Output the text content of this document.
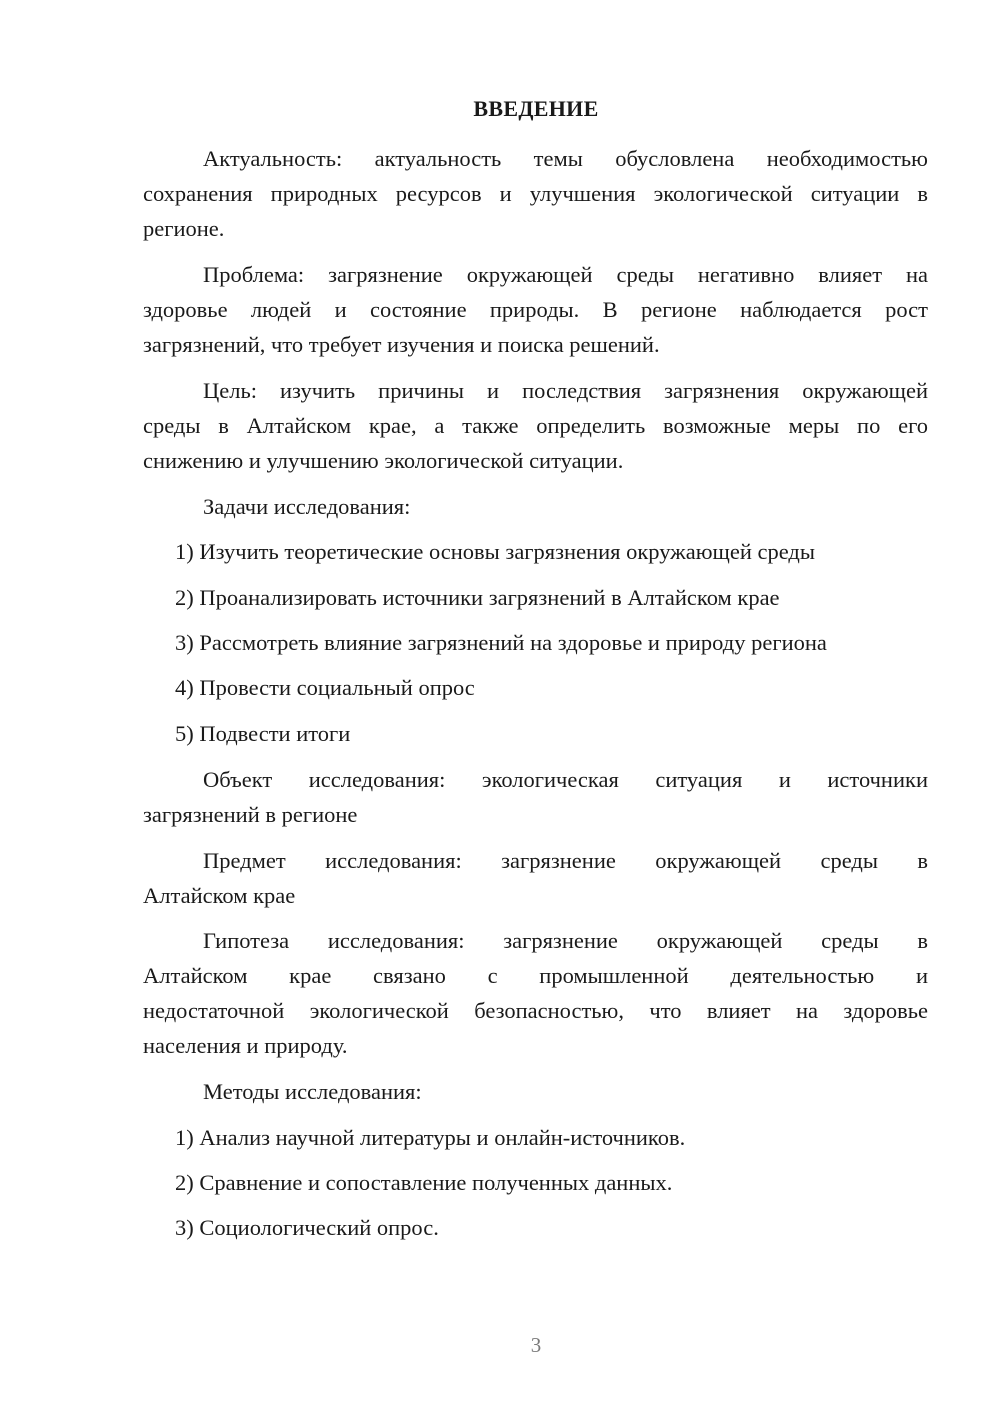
ВВЕДЕНИЕ
Актуальность: актуальность темы обусловлена необходимостью
сохранения природных ресурсов и улучшения экологической ситуации в
регионе.
Проблема: загрязнение окружающей среды негативно влияет на
здоровье людей и состояние природы. В регионе наблюдается рост
загрязнений, что требует изучения и поиска решений.
Цель: изучить причины и последствия загрязнения окружающей
среды в Алтайском крае, а также определить возможные меры по его
снижению и улучшению экологической ситуации.
Задачи исследования:
1) Изучить теоретические основы загрязнения окружающей среды
2) Проанализировать источники загрязнений в Алтайском крае
3) Рассмотреть влияние загрязнений на здоровье и природу региона
4) Провести социальный опрос
5) Подвести итоги
Объект исследования: экологическая ситуация и источники
загрязнений в регионе
Предмет исследования: загрязнение окружающей среды в
Алтайском крае
Гипотеза исследования: загрязнение окружающей среды в
Алтайском крае связано с промышленной деятельностью и
недостаточной экологической безопасностью, что влияет на здоровье
населения и природу.
Методы исследования:
1) Анализ научной литературы и онлайн-источников.
2) Сравнение и сопоставление полученных данных.
3) Социологический опрос.
3
